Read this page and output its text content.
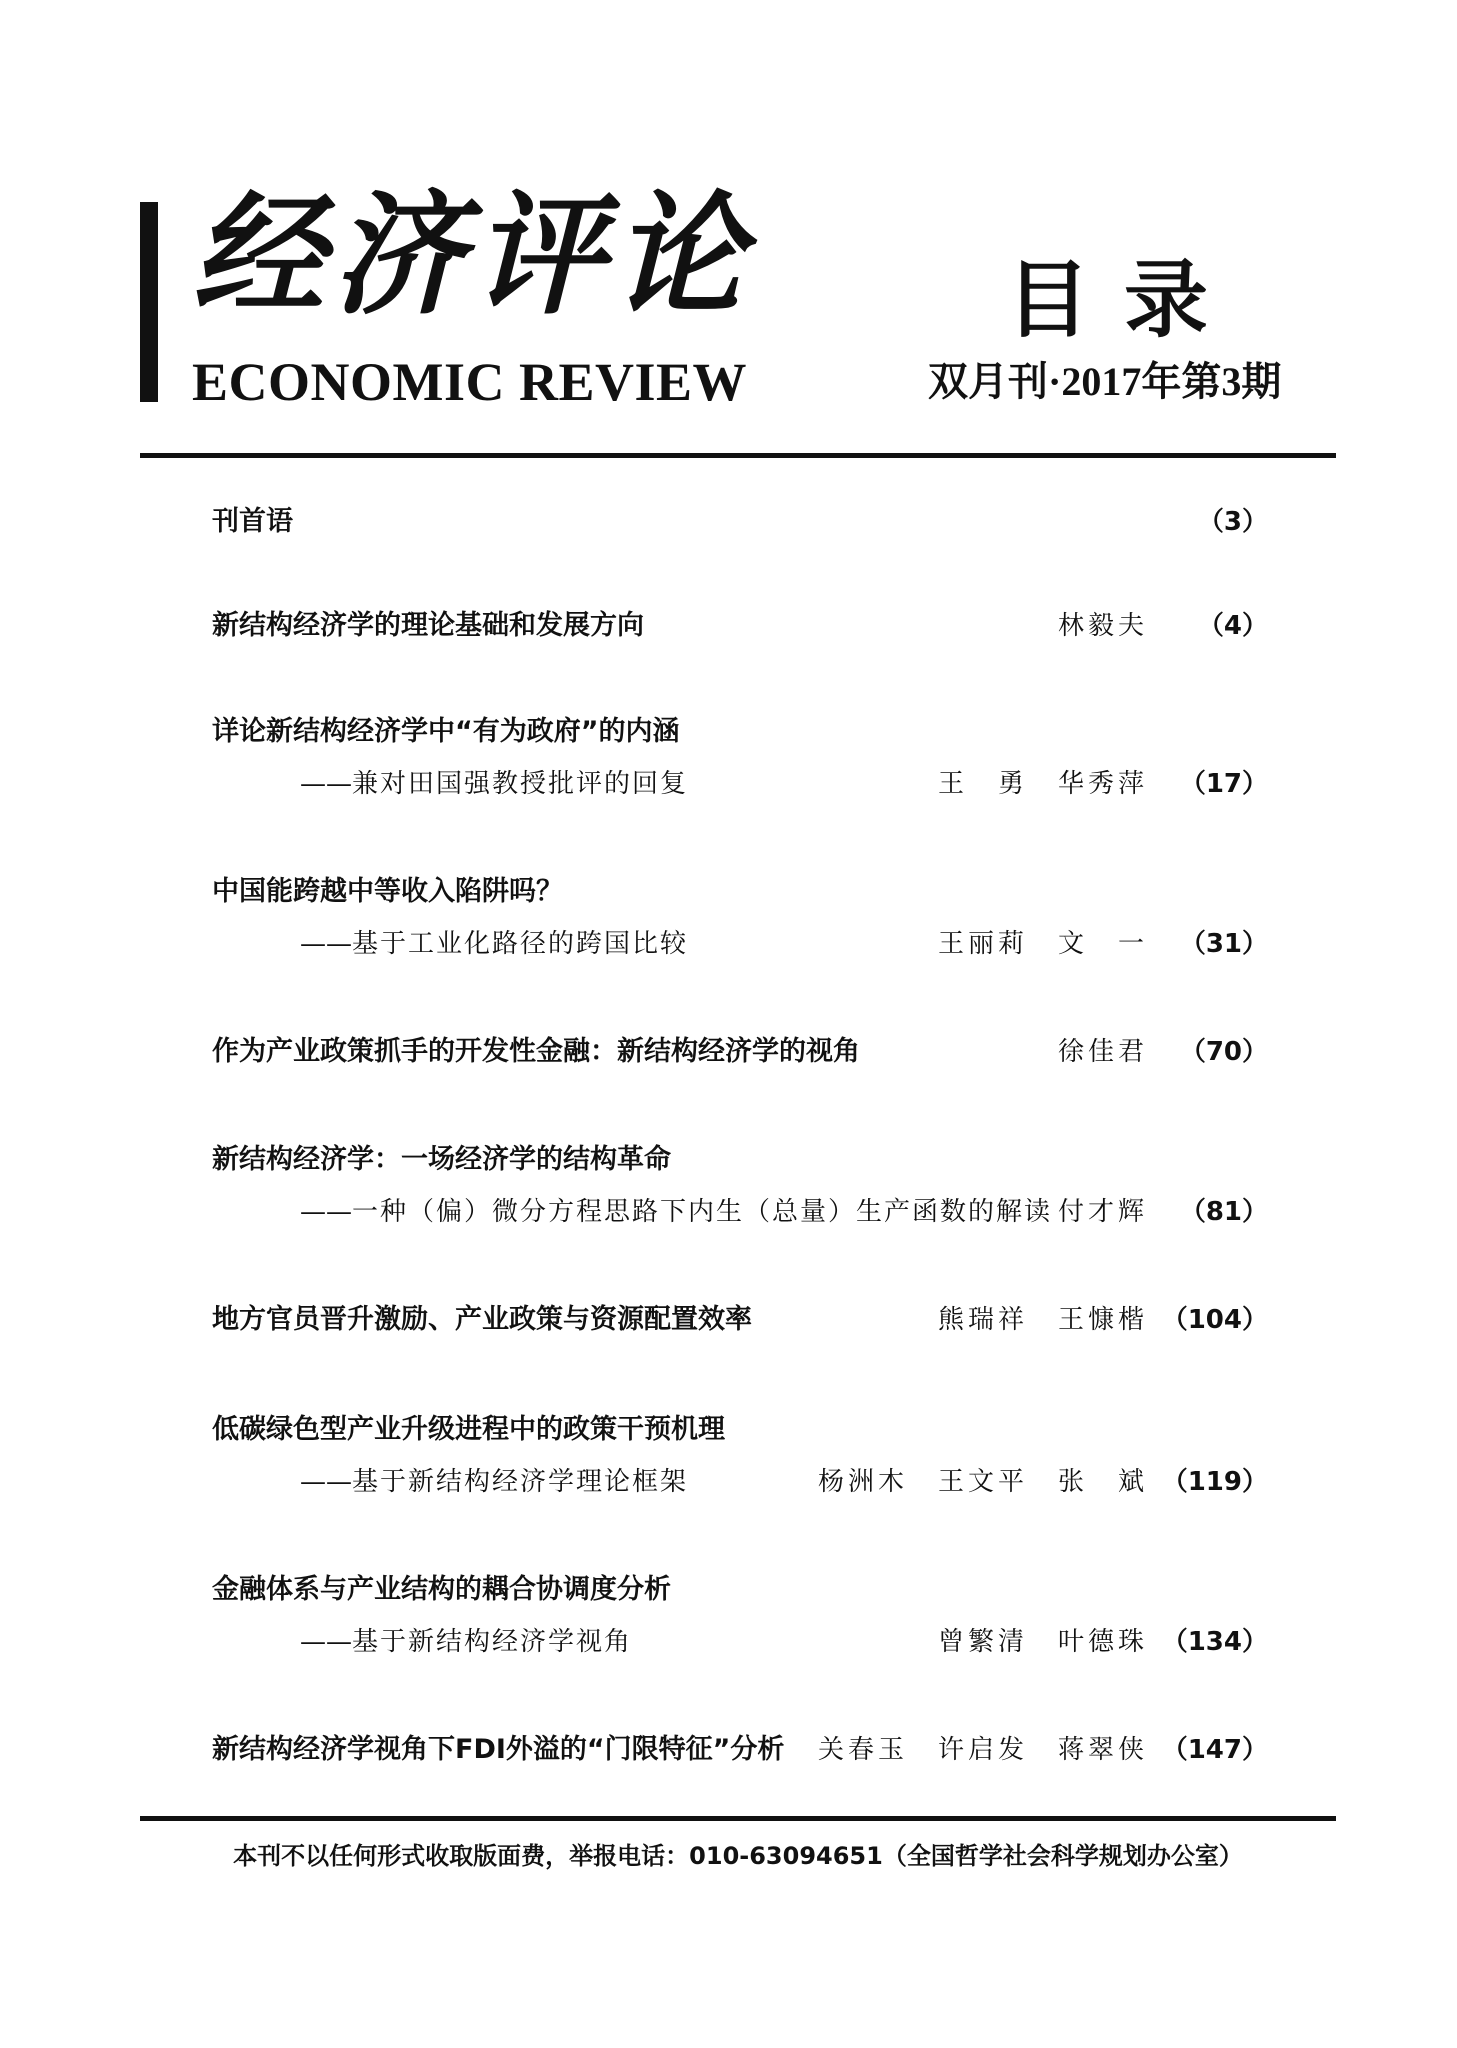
经济评论
ECONOMIC REVIEW
目录
双月刊·2017年第3期
刊首语	（3）
新结构经济学的理论基础和发展方向	林毅夫	（4）
详论新结构经济学中“有为政府”的内涵
——兼对田国强教授批评的回复	王　勇　华秀萍	（17）
中国能跨越中等收入陷阱吗？
——基于工业化路径的跨国比较	王丽莉　文　一	（31）
作为产业政策抓手的开发性金融：新结构经济学的视角	徐佳君	（70）
新结构经济学：一场经济学的结构革命
——一种（偏）微分方程思路下内生（总量）生产函数的解读 付才辉	（81）
地方官员晋升激励、产业政策与资源配置效率	熊瑞祥　王慷楷 （104）
低碳绿色型产业升级进程中的政策干预机理
——基于新结构经济学理论框架	杨洲木　王文平　张　斌 （119）
金融体系与产业结构的耦合协调度分析
——基于新结构经济学视角	曾繁清　叶德珠 （134）
新结构经济学视角下FDI外溢的“门限特征”分析 关春玉　许启发　蒋翠侠 （147）
本刊不以任何形式收取版面费，举报电话：010-63094651（全国哲学社会科学规划办公室）
